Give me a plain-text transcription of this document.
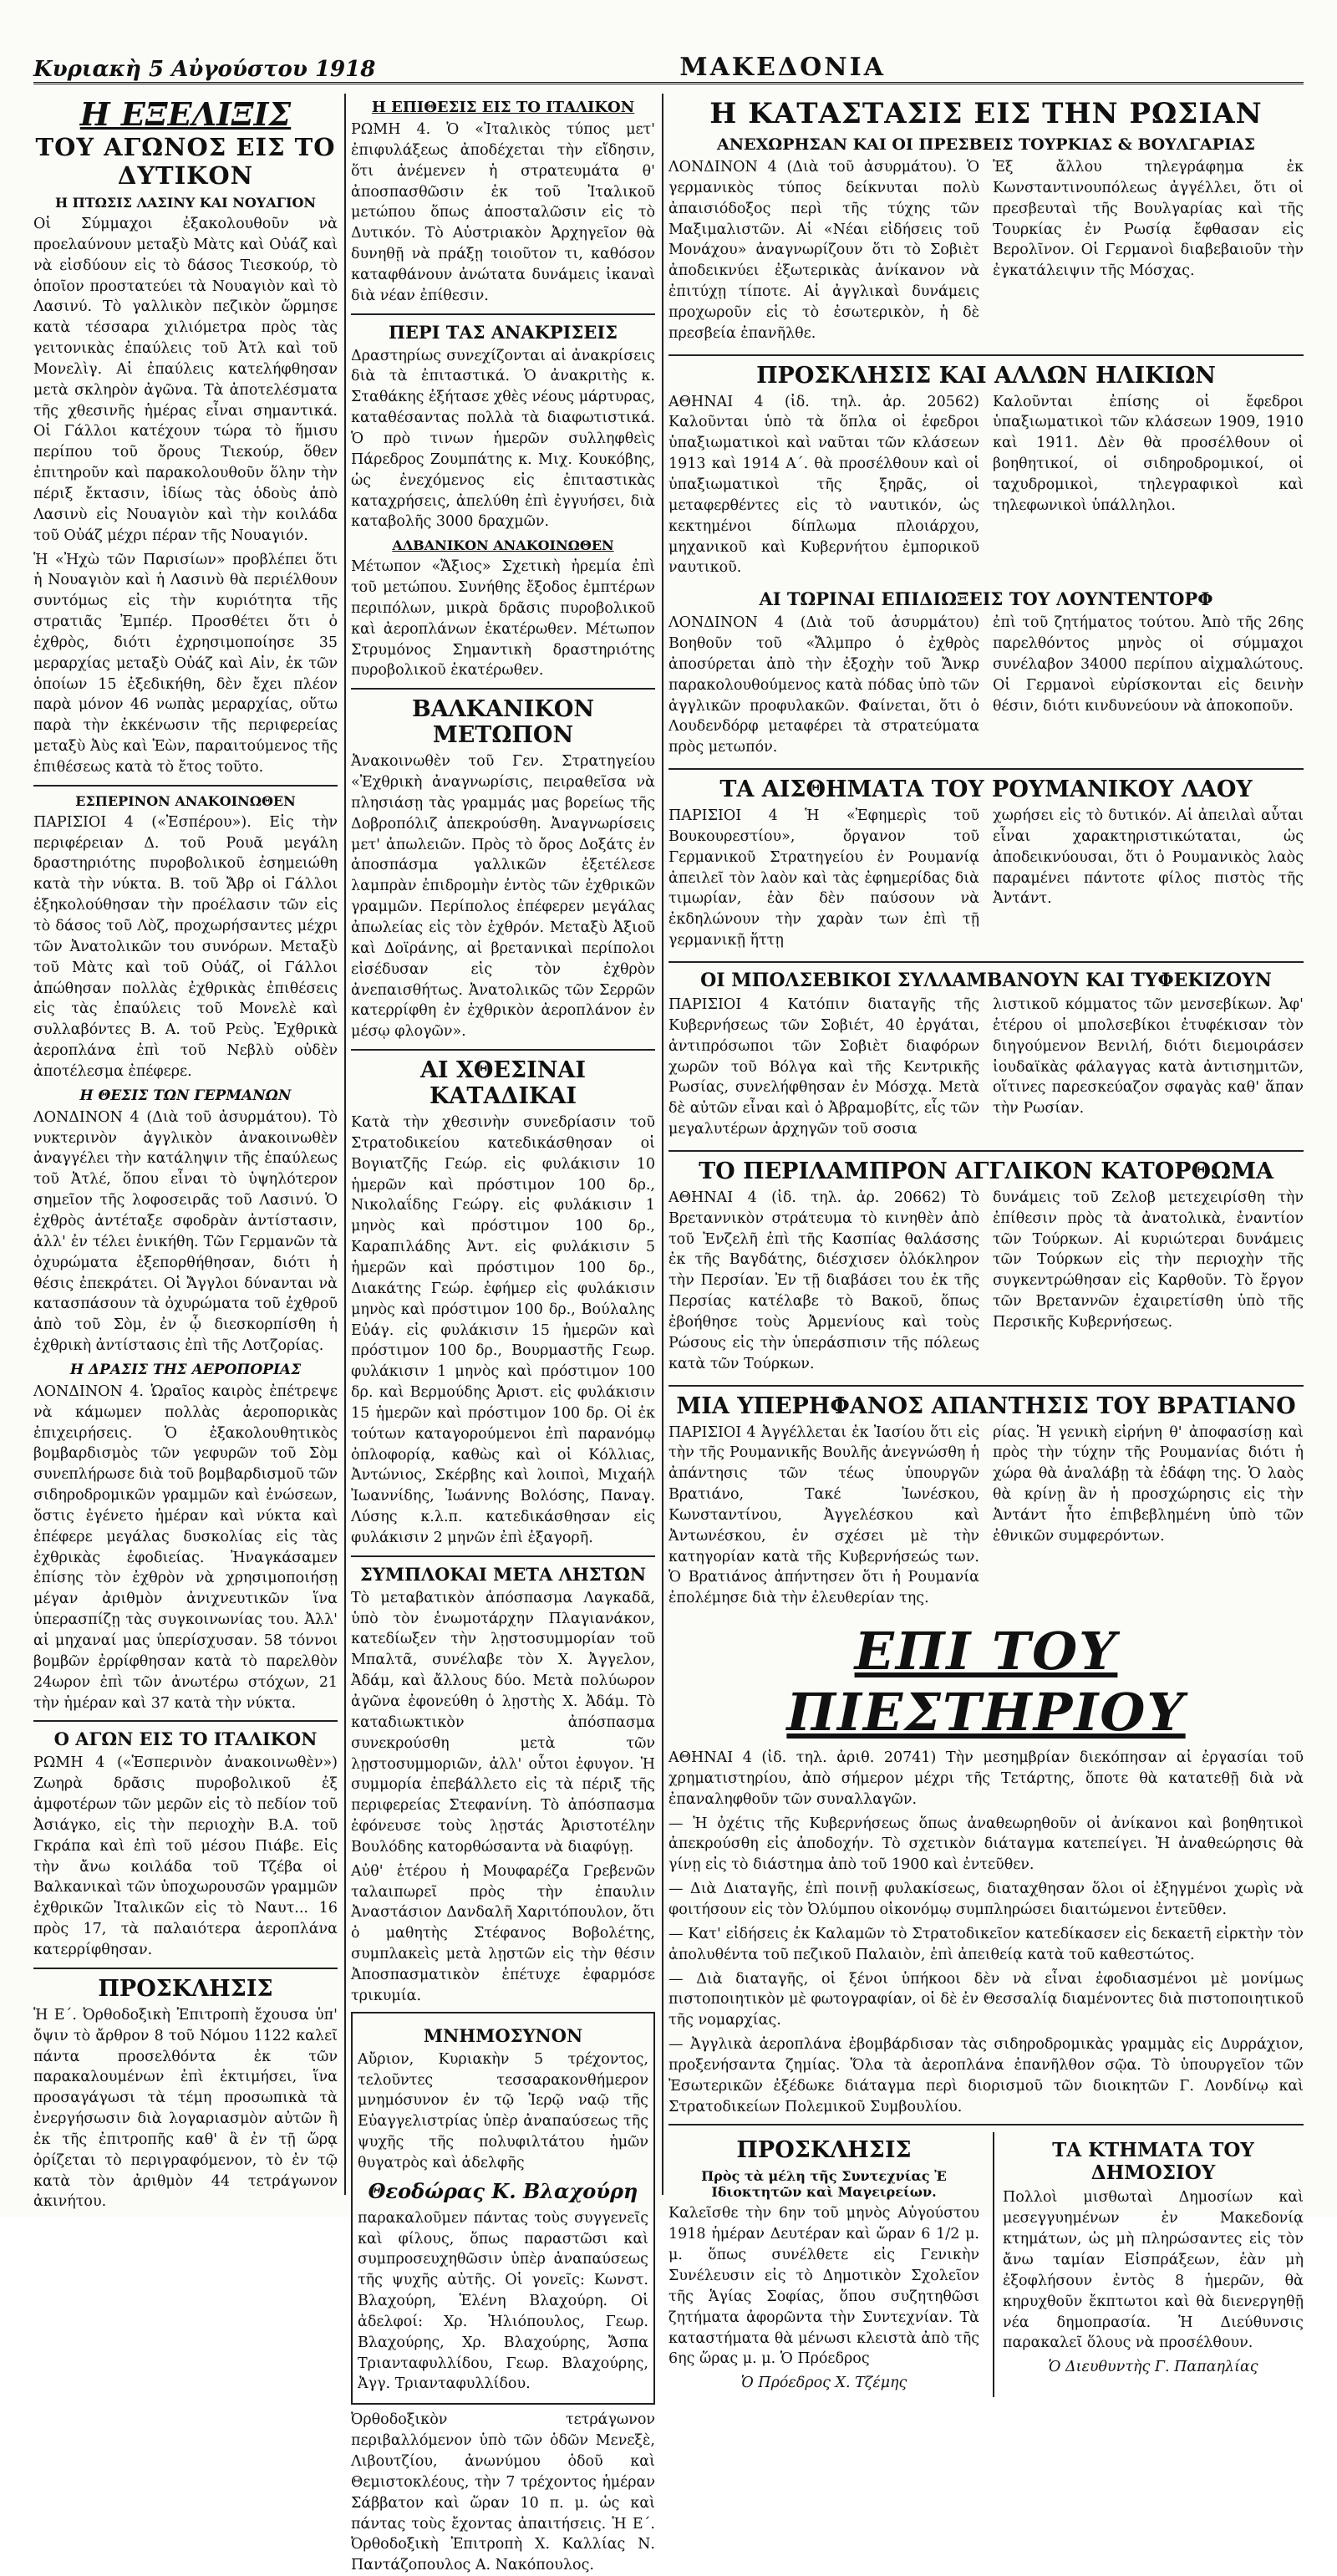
Κυριακὴ 5 Αὐγούστου 1918	ΜΑΚΕΔΟΝΙΑ
Η ΕΞΕΛΙΞΙΣ
ΤΟΥ ΑΓΩΝΟΣ ΕΙΣ ΤΟ ΔΥΤΙΚΟΝ
Η ΠΤΩΣΙΣ ΛΑΣΙΝΥ ΚΑΙ ΝΟΥΑΓΙΟΝ

Οἱ Σύμμαχοι ἐξακολουθοῦν νὰ προελαύνουν μεταξὺ Μὰτς καὶ Οὐάζ καὶ νὰ εἰσδύουν εἰς τὸ δάσος Τιεσκούρ, τὸ ὁποῖον προστατεύει τὰ Νουαγιὸν καὶ τὸ Λασινύ. Τὸ γαλλικὸν πεζικὸν ὥρμησε κατὰ τέσσαρα χιλιόμετρα πρὸς τὰς γειτονικὰς ἐπαύλεις τοῦ Ἀτλ καὶ τοῦ Μονελὶγ. Αἱ ἐπαύλεις κατελήφθησαν μετὰ σκληρὸν ἀγῶνα. Τὰ ἀποτελέσματα τῆς χθεσινῆς ἡμέρας εἶναι σημαντικά. Οἱ Γάλλοι κατέχουν τώρα τὸ ἥμισυ περίπου τοῦ ὄρους Τιεκούρ, ὅθεν ἐπιτηροῦν καὶ παρακολουθοῦν ὅλην τὴν πέριξ ἔκτασιν, ἰδίως τὰς ὁδοὺς ἀπὸ Λασινὺ εἰς Νουαγιὸν καὶ τὴν κοιλάδα τοῦ Οὐάζ μέχρι πέραν τῆς Νουαγιόν.

Ἡ «Ἠχὼ τῶν Παρισίων» προβλέπει ὅτι ἡ Νουαγιὸν καὶ ἡ Λασινὺ θὰ περιέλθουν συντόμως εἰς τὴν κυριότητα τῆς στρατιᾶς Ἐμπέρ. Προσθέτει ὅτι ὁ ἐχθρὸς, διότι ἐχρησιμοποίησε 35 μεραρχίας μεταξὺ Οὐάζ καὶ Αἰν, ἐκ τῶν ὁποίων 15 ἐξεδικήθη, δὲν ἔχει πλέον παρὰ μόνον 46 νωπὰς μεραρχίας, οὕτω παρὰ τὴν ἐκκένωσιν τῆς περιφερείας μεταξὺ Ἀὺς καὶ Ἐὼν, παραιτούμενος τῆς ἐπιθέσεως κατὰ τὸ ἔτος τοῦτο.

ΕΣΠΕΡΙΝΟΝ ΑΝΑΚΟΙΝΩΘΕΝ

ΠΑΡΙΣΙΟΙ 4 («Ἐσπέρου»). Εἰς τὴν περιφέρειαν Δ. τοῦ Ρουᾶ μεγάλη δραστηριότης πυροβολικοῦ ἐσημειώθη κατὰ τὴν νύκτα. Β. τοῦ Ἄβρ οἱ Γάλλοι ἐξηκολούθησαν τὴν προέλασιν τῶν εἰς τὸ δάσος τοῦ Λὸζ, προχωρήσαντες μέχρι τῶν Ἀνατολικῶν του συνόρων. Μεταξὺ τοῦ Μὰτς καὶ τοῦ Οὐάζ, οἱ Γάλλοι ἀπώθησαν πολλὰς ἐχθρικὰς ἐπιθέσεις εἰς τὰς ἐπαύλεις τοῦ Μονελὲ καὶ συλλαβόντες Β. Α. τοῦ Ρεὺς. Ἐχθρικὰ ἀεροπλάνα ἐπὶ τοῦ Νεβλὺ οὐδὲν ἀποτέλεσμα ἐπέφερε.

Η ΘΕΣΙΣ ΤΩΝ ΓΕΡΜΑΝΩΝ

ΛΟΝΔΙΝΟΝ 4 (Διὰ τοῦ ἀσυρμάτου). Τὸ νυκτερινὸν ἀγγλικὸν ἀνακοινωθὲν ἀναγγέλει τὴν κατάληψιν τῆς ἐπαύλεως τοῦ Ἀτλέ, ὅπου εἶναι τὸ ὑψηλότερον σημεῖον τῆς λοφοσειρᾶς τοῦ Λασινύ. Ὁ ἐχθρὸς ἀντέταξε σφοδρὰν ἀντίστασιν, ἀλλ' ἐν τέλει ἐνικήθη. Τῶν Γερμανῶν τὰ ὀχυρώματα ἐξεπορθήθησαν, διότι ἡ θέσις ἐπεκράτει. Οἱ Ἄγγλοι δύνανται νὰ κατασπάσουν τὰ ὀχυρώματα τοῦ ἐχθροῦ ἀπὸ τοῦ Σὸμ, ἐν ᾧ διεσκορπίσθη ἡ ἐχθρικὴ ἀντίστασις ἐπὶ τῆς Λοτζορίας.

Η ΔΡΑΣΙΣ ΤΗΣ ΑΕΡΟΠΟΡΙΑΣ

ΛΟΝΔΙΝΟΝ 4. Ὡραῖος καιρὸς ἐπέτρεψε νὰ κάμωμεν πολλὰς ἀεροπορικὰς ἐπιχειρήσεις. Ὁ ἐξακολουθητικὸς βομβαρδισμὸς τῶν γεφυρῶν τοῦ Σὸμ συνεπλήρωσε διὰ τοῦ βομβαρδισμοῦ τῶν σιδηροδρομικῶν γραμμῶν καὶ ἐνώσεων, ὅστις ἐγένετο ἡμέραν καὶ νύκτα καὶ ἐπέφερε μεγάλας δυσκολίας εἰς τὰς ἐχθρικὰς ἐφοδιείας. Ἠναγκάσαμεν ἐπίσης τὸν ἐχθρὸν νὰ χρησιμοποιήσῃ μέγαν ἀριθμὸν ἀνιχνευτικῶν ἵνα ὑπερασπίζῃ τὰς συγκοινωνίας του. Ἀλλ' αἱ μηχαναί μας ὑπερίσχυσαν. 58 τόννοι βομβῶν ἐρρίφθησαν κατὰ τὸ παρελθὸν 24ωρον ἐπὶ τῶν ἀνωτέρω στόχων, 21 τὴν ἡμέραν καὶ 37 κατὰ τὴν νύκτα.

Ο ΑΓΩΝ ΕΙΣ ΤΟ ΙΤΑΛΙΚΟΝ

ΡΩΜΗ 4 («Ἑσπερινὸν ἀνακοινωθὲν») Ζωηρὰ δρᾶσις πυροβολικοῦ ἐξ ἀμφοτέρων τῶν μερῶν εἰς τὸ πεδίον τοῦ Ἀσιάγκο, εἰς τὴν περιοχὴν Β.Α. τοῦ Γκράπα καὶ ἐπὶ τοῦ μέσου Πιάβε. Εἰς τὴν ἄνω κοιλάδα τοῦ Τζέβα οἱ Βαλκανικαὶ τῶν ὑποχωρουσῶν γραμμῶν ἐχθρικῶν Ἰταλικῶν εἰς τὸ Ναυτ... 16 πρὸς 17, τὰ παλαιότερα ἀεροπλάνα κατερρίφθησαν.

ΠΡΟΣΚΛΗΣΙΣ

Ἡ Ε΄. Ὀρθοδοξικὴ Ἐπιτροπὴ ἔχουσα ὑπ' ὄψιν τὸ ἄρθρον 8 τοῦ Νόμου 1122 καλεῖ πάντα προσελθόντα ἐκ τῶν παρακαλουμένων ἐπὶ ἐκτιμήσει, ἵνα προσαγάγωσι τὰ τέμη προσωπικὰ τὰ ἐνεργήσωσιν διὰ λογαριασμὸν αὐτῶν ἢ ἐκ τῆς ἐπιτροπῆς καθ' ἃ ἐν τῇ ὥρᾳ ὀρίζεται τὸ περιγραφόμενον, τὸ ἐν τῷ κατὰ τὸν ἀριθμὸν 44 τετράγωνον ἀκινήτου.

Η ΕΠΙΘΕΣΙΣ ΕΙΣ ΤΟ ΙΤΑΛΙΚΟΝ

ΡΩΜΗ 4. Ὁ «Ἰταλικὸς τύπος μετ' ἐπιφυλάξεως ἀποδέχεται τὴν εἴδησιν, ὅτι ἀνέμενεν ἡ στρατευμάτα θ' ἀποσπασθῶσιν ἐκ τοῦ Ἰταλικοῦ μετώπου ὅπως ἀποσταλῶσιν εἰς τὸ Δυτικόν. Τὸ Αὐστριακὸν Ἀρχηγεῖον θὰ δυνηθῇ νὰ πράξῃ τοιοῦτον τι, καθόσον καταφθάνουν ἀνώτατα δυνάμεις ἰκαναὶ διὰ νέαν ἐπίθεσιν.

ΠΕΡΙ ΤΑΣ ΑΝΑΚΡΙΣΕΙΣ

Δραστηρίως συνεχίζονται αἱ ἀνακρίσεις διὰ τὰ ἐπιταστικά. Ὁ ἀνακριτὴς κ. Σταθάκης ἐξήτασε χθὲς νέους μάρτυρας, καταθέσαντας πολλὰ τὰ διαφωτιστικά. Ὁ πρὸ τινων ἡμερῶν συλληφθεὶς Πάρεδρος Ζουμπάτης κ. Μιχ. Κουκόβης, ὡς ἐνεχόμενος εἰς ἐπιταστικὰς καταχρήσεις, ἀπελύθη ἐπὶ ἐγγυήσει, διὰ καταβολῆς 3000 δραχμῶν.

ΑΛΒΑΝΙΚΟΝ ΑΝΑΚΟΙΝΩΘΕΝ

Μέτωπον «Ἄξιος» Σχετικὴ ἠρεμία ἐπὶ τοῦ μετώπου. Συνήθης ἔξοδος ἐμπτέρων περιπόλων, μικρὰ δρᾶσις πυροβολικοῦ καὶ ἀεροπλάνων ἑκατέρωθεν. Μέτωπον Στρυμόνος Σημαντικὴ δραστηριότης πυροβολικοῦ ἑκατέρωθεν.

ΒΑΛΚΑΝΙΚΟΝ ΜΕΤΩΠΟΝ

Ἀνακοινωθὲν τοῦ Γεν. Στρατηγείου «Ἐχθρικὴ ἀναγνωρίσις, πειραθεῖσα νὰ πλησιάσῃ τὰς γραμμάς μας βορείως τῆς Δοβροπόλιζ ἀπεκρούσθη. Ἀναγνωρίσεις μετ' ἀπωλειῶν. Πρὸς τὸ ὄρος Δοξάτς ἐν ἀποσπάσμα γαλλικῶν ἐξετέλεσε λαμπρὰν ἐπιδρομὴν ἐντὸς τῶν ἐχθρικῶν γραμμῶν. Περίπολος ἐπέφερεν μεγάλας ἀπωλείας εἰς τὸν ἐχθρόν. Μεταξὺ Ἀξιοῦ καὶ Δοϊράνης, αἱ βρετανικαὶ περίπολοι εἰσέδυσαν εἰς τὸν ἐχθρὸν ἀνεπαισθήτως. Ἀνατολικῶς τῶν Σερρῶν κατερρίφθη ἐν ἐχθρικὸν ἀεροπλάνον ἐν μέσῳ φλογῶν».

ΑΙ ΧΘΕΣΙΝΑΙ ΚΑΤΑΔΙΚΑΙ

Κατὰ τὴν χθεσινὴν συνεδρίασιν τοῦ Στρατοδικείου κατεδικάσθησαν οἱ Βογιατζῆς Γεώρ. εἰς φυλάκισιν 10 ἡμερῶν καὶ πρόστιμον 100 δρ., Νικολαΐδης Γεώργ. εἰς φυλάκισιν 1 μηνὸς καὶ πρόστιμον 100 δρ., Καραπιλάδης Ἀντ. εἰς φυλάκισιν 5 ἡμερῶν καὶ πρόστιμον 100 δρ., Διακάτης Γεώρ. ἐφήμερ εἰς φυλάκισιν μηνὸς καὶ πρόστιμον 100 δρ., Βούλαλης Εὐάγ. εἰς φυλάκισιν 15 ἡμερῶν καὶ πρόστιμον 100 δρ., Βουρμαστῆς Γεωρ. φυλάκισιν 1 μηνὸς καὶ πρόστιμον 100 δρ. καὶ Βερμούδης Ἀριστ. εἰς φυλάκισιν 15 ἡμερῶν καὶ πρόστιμον 100 δρ. Οἱ ἐκ τούτων καταγορούμενοι ἐπὶ παρανόμῳ ὀπλοφορίᾳ, καθὼς καὶ οἱ Κόλλιας, Ἀντώνιος, Σκέρβης καὶ λοιποὶ, Μιχαήλ Ἰωαννίδης, Ἰωάννης Βολόσης, Παναγ. Λύσης κ.λ.π. κατεδικάσθησαν εἰς φυλάκισιν 2 μηνῶν ἐπὶ ἐξαγορῆ.

ΣΥΜΠΛΟΚΑΙ ΜΕΤΑ ΛΗΣΤΩΝ

Τὸ μεταβατικὸν ἀπόσπασμα Λαγκαδᾶ, ὑπὸ τὸν ἐνωμοτάρχην Πλαγιανάκον, κατεδίωξεν τὴν λῃστοσυμμορίαν τοῦ Μπαλτᾶ, συνέλαβε τὸν Χ. Ἀγγελον, Ἀδάμ, καὶ ἄλλους δύο. Μετὰ πολύωρον ἀγῶνα ἐφονεύθη ὁ λῃστὴς Χ. Ἀδάμ. Τὸ καταδιωκτικὸν ἀπόσπασμα συνεκρούσθη μετὰ τῶν λῃστοσυμμοριῶν, ἀλλ' οὗτοι ἐφυγον. Ἡ συμμορία ἐπεβάλλετο εἰς τὰ πέριξ τῆς περιφερείας Στεφανίνη. Τὸ ἀπόσπασμα ἐφόνευσε τοὺς λῃστάς Ἀριστοτέλην Βουλόδης κατορθώσαντα νὰ διαφύγῃ.

Αὐθ' ἑτέρου ἡ Μουφαρέζα Γρεβενῶν ταλαιπωρεῖ πρὸς τὴν ἐπαυλιν Ἀναστάσιον Δανδαλῆ Χαριτόπουλον, ὅτι ὁ μαθητὴς Στέφανος Βοβολέτης, συμπλακεὶς μετὰ λῃστῶν εἰς τὴν θέσιν Ἀποσπασματικὸν ἐπέτυχε ἐφαρμόσε τρικυμία.

ΜΝΗΜΟΣΥΝΟΝ

Αὔριον, Κυριακὴν 5 τρέχοντος, τελοῦντες τεσσαρακονθήμερον μνημόσυνον ἐν τῷ Ἱερῷ ναῷ τῆς Εὐαγγελιστρίας ὑπὲρ ἀναπαύσεως τῆς ψυχῆς τῆς πολυφιλτάτου ἡμῶν θυγατρὸς καὶ ἀδελφῆς

Θεοδώρας Κ. Βλαχούρη

παρακαλοῦμεν πάντας τοὺς συγγενεῖς καὶ φίλους, ὅπως παραστῶσι καὶ συμπροσευχηθῶσιν ὑπὲρ ἀναπαύσεως τῆς ψυχῆς αὐτῆς. Οἱ γονεῖς: Κωνστ. Βλαχούρη, Ἑλένη Βλαχούρη. Οἱ ἀδελφοί: Χρ. Ἠλιόπουλος, Γεωρ. Βλαχούρης, Χρ. Βλαχούρης, Ἄσπα Τριανταφυλλίδου, Γεωρ. Βλαχούρης, Ἀγγ. Τριανταφυλλίδου.

Ὀρθοδοξικὸν τετράγωνον περιβαλλόμενον ὑπὸ τῶν ὁδῶν Μενεξὲ, Λιβουτζίου, ἀνωνύμου ὁδοῦ καὶ Θεμιστοκλέους, τὴν 7 τρέχοντος ἡμέραν Σάββατον καὶ ὥραν 10 π. μ. ὡς καὶ πάντας τοὺς ἔχοντας ἀπαιτήσεις. Ἡ Ε΄. Ὀρθοδοξικὴ Ἐπιτροπὴ Χ. Καλλίας Ν. Παντάζοπουλος Α. Νακόπουλος.

Η ΚΑΤΑΣΤΑΣΙΣ ΕΙΣ ΤΗΝ ΡΩΣΙΑΝ
ΑΝΕΧΩΡΗΣΑΝ ΚΑΙ ΟΙ ΠΡΕΣΒΕΙΣ ΤΟΥΡΚΙΑΣ & ΒΟΥΛΓΑΡΙΑΣ

ΛΟΝΔΙΝΟΝ 4 (Διὰ τοῦ ἀσυρμάτου). Ὁ γερμανικὸς τύπος δείκνυται πολὺ ἀπαισιόδοξος περὶ τῆς τύχης τῶν Μαξιμαλιστῶν. Αἱ «Νέαι εἰδήσεις τοῦ Μονάχου» ἀναγνωρίζουν ὅτι τὸ Σοβιὲτ ἀποδεικνύει ἐξωτερικὰς ἀνίκανον νὰ ἐπιτύχῃ τίποτε. Αἱ ἀγγλικαὶ δυνάμεις προχωροῦν εἰς τὸ ἐσωτερικὸν, ἡ δὲ πρεσβεία ἐπανῆλθε.

Ἐξ ἄλλου τηλεγράφημα ἐκ Κωνσταντινουπόλεως ἀγγέλλει, ὅτι οἱ πρεσβευταὶ τῆς Βουλγαρίας καὶ τῆς Τουρκίας ἐν Ρωσίᾳ ἔφθασαν εἰς Βερολῖνον. Οἱ Γερμανοὶ διαβεβαιοῦν τὴν ἐγκατάλειψιν τῆς Μόσχας.

ΠΡΟΣΚΛΗΣΙΣ ΚΑΙ ΑΛΛΩΝ ΗΛΙΚΙΩΝ

ΑΘΗΝΑΙ 4 (ἰδ. τηλ. ἀρ. 20562) Καλοῦνται ὑπὸ τὰ ὅπλα οἱ ἐφεδροι ὑπαξιωματικοὶ καὶ ναῦται τῶν κλάσεων 1913 καὶ 1914 Α΄. θὰ προσέλθουν καὶ οἱ ὑπαξιωματικοὶ τῆς ξηρᾶς, οἱ μεταφερθέντες εἰς τὸ ναυτικόν, ὡς κεκτημένοι δίπλωμα πλοιάρχου, μηχανικοῦ καὶ Κυβερνήτου ἐμπορικοῦ ναυτικοῦ.

Καλοῦνται ἐπίσης οἱ ἔφεδροι ὑπαξιωματικοὶ τῶν κλάσεων 1909, 1910 καὶ 1911. Δὲν θὰ προσέλθουν οἱ βοηθητικοί, οἱ σιδηροδρομικοί, οἱ ταχυδρομικοὶ, τηλεγραφικοὶ καὶ τηλεφωνικοὶ ὑπάλληλοι.

ΑΙ ΤΩΡΙΝΑΙ ΕΠΙΔΙΩΞΕΙΣ ΤΟΥ ΛΟΥΝΤΕΝΤΟΡΦ

ΛΟΝΔΙΝΟΝ 4 (Διὰ τοῦ ἀσυρμάτου) Βοηθοῦν τοῦ «Ἄλμπρο ὁ ἐχθρὸς ἀποσύρεται ἀπὸ τὴν ἐξοχὴν τοῦ Ἄνκρ παρακολουθούμενος κατὰ πόδας ὑπὸ τῶν ἀγγλικῶν προφυλακῶν. Φαίνεται, ὅτι ὁ Λουδενδόρφ μεταφέρει τὰ στρατεύματα πρὸς μετωπόν.

ἐπὶ τοῦ ζητήματος τούτου. Ἀπὸ τῆς 26ης παρελθόντος μηνὸς οἱ σύμμαχοι συνέλαβον 34000 περίπου αἰχμαλώτους. Οἱ Γερμανοὶ εὑρίσκονται εἰς δεινὴν θέσιν, διότι κινδυνεύουν νὰ ἀποκοποῦν.

ΤΑ ΑΙΣΘΗΜΑΤΑ ΤΟΥ ΡΟΥΜΑΝΙΚΟΥ ΛΑΟΥ

ΠΑΡΙΣΙΟΙ 4 Ἡ «Ἐφημερὶς τοῦ Βουκουρεστίου», ὄργανον τοῦ Γερμανικοῦ Στρατηγείου ἐν Ρουμανίᾳ ἀπειλεῖ τὸν λαὸν καὶ τὰς ἐφημερίδας διὰ τιμωρίαν, ἐὰν δὲν παύσουν νὰ ἐκδηλώνουν τὴν χαρὰν των ἐπὶ τῇ γερμανικῇ ἥττῃ

χωρήσει εἰς τὸ δυτικόν. Αἱ ἀπειλαὶ αὗται εἶναι χαρακτηριστικώταται, ὡς ἀποδεικνύουσαι, ὅτι ὁ Ρουμανικὸς λαὸς παραμένει πάντοτε φίλος πιστὸς τῆς Ἀντάντ.

ΟΙ ΜΠΟΛΣΕΒΙΚΟΙ ΣΥΛΛΑΜΒΑΝΟΥΝ ΚΑΙ ΤΥΦΕΚΙΖΟΥΝ

ΠΑΡΙΣΙΟΙ 4 Κατόπιν διαταγῆς τῆς Κυβερνήσεως τῶν Σοβιέτ, 40 ἐργάται, ἀντιπρόσωποι τῶν Σοβιὲτ διαφόρων χωρῶν τοῦ Βόλγα καὶ τῆς Κεντρικῆς Ρωσίας, συνελήφθησαν ἐν Μόσχᾳ. Μετὰ δὲ αὐτῶν εἶναι καὶ ὁ Ἀβραμοβίτς, εἷς τῶν μεγαλυτέρων ἀρχηγῶν τοῦ σοσια

λιστικοῦ κόμματος τῶν μενσεβίκων. Ἀφ' ἑτέρου οἱ μπολσεβίκοι ἐτυφέκισαν τὸν διηγούμενον Βενιλή, διότι διεμοιράσεν ἰουδαϊκὰς φάλαγγας κατὰ ἀντισημιτῶν, οἵτινες παρεσκεύαζον σφαγὰς καθ' ἅπαν τὴν Ρωσίαν.

ΤΟ ΠΕΡΙΛΑΜΠΡΟΝ ΑΓΓΛΙΚΟΝ ΚΑΤΟΡΘΩΜΑ

ΑΘΗΝΑΙ 4 (ἰδ. τηλ. ἀρ. 20662) Τὸ Βρεταννικὸν στράτευμα τὸ κινηθὲν ἀπὸ τοῦ Ἐνζελῆ ἐπὶ τῆς Κασπίας θαλάσσης ἐκ τῆς Βαγδάτης, διέσχισεν ὁλόκληρον τὴν Περσίαν. Ἐν τῇ διαβάσει του ἐκ τῆς Περσίας κατέλαβε τὸ Βακοῦ, ὅπως ἐβοήθησε τοὺς Ἀρμενίους καὶ τοὺς Ρώσους εἰς τὴν ὑπεράσπισιν τῆς πόλεως κατὰ τῶν Τούρκων.

δυνάμεις τοῦ Ζελοβ μετεχειρίσθη τὴν ἐπίθεσιν πρὸς τὰ ἀνατολικὰ, ἐναντίον τῶν Τούρκων. Αἱ κυριώτεραι δυνάμεις τῶν Τούρκων εἰς τὴν περιοχὴν τῆς συγκεντρώθησαν εἰς Καρθοῦν. Τὸ ἔργον τῶν Βρεταννῶν ἐχαιρετίσθη ὑπὸ τῆς Περσικῆς Κυβερνήσεως.

ΜΙΑ ΥΠΕΡΗΦΑΝΟΣ ΑΠΑΝΤΗΣΙΣ ΤΟΥ ΒΡΑΤΙΑΝΟ

ΠΑΡΙΣΙΟΙ 4 Ἀγγέλλεται ἐκ Ἰασίου ὅτι εἰς τὴν τῆς Ρουμανικῆς Βουλῆς ἀνεγνώσθη ἡ ἀπάντησις τῶν τέως ὑπουργῶν Βρατιάνο, Τακέ Ἰωνέσκου, Κωνσταντίνου, Ἀγγελέσκου καὶ Ἀντωνέσκου, ἐν σχέσει μὲ τὴν κατηγορίαν κατὰ τῆς Κυβερνήσεώς των. Ὁ Βρατιάνος ἀπήντησεν ὅτι ἡ Ρουμανία ἐπολέμησε διὰ τὴν ἐλευθερίαν της.

ρίας. Ἡ γενικὴ εἰρήνη θ' ἀποφασίσῃ καὶ πρὸς τὴν τύχην τῆς Ρουμανίας διότι ἡ χώρα θὰ ἀναλάβῃ τὰ ἐδάφη της. Ὁ λαὸς θὰ κρίνῃ ἂν ἡ προσχώρησις εἰς τὴν Ἀντάντ ἦτο ἐπιβεβλημένη ὑπὸ τῶν ἐθνικῶν συμφερόντων.

ΕΠΙ ΤΟΥ ΠΙΕΣΤΗΡΙΟΥ

ΑΘΗΝΑΙ 4 (ἰδ. τηλ. ἀριθ. 20741) Τὴν μεσημβρίαν διεκόπησαν αἱ ἐργασίαι τοῦ χρηματιστηρίου, ἀπὸ σήμερον μέχρι τῆς Τετάρτης, ὅποτε θὰ κατατεθῇ διὰ νὰ ἐπαναληφθοῦν τῶν συναλλαγῶν.

— Ἡ ὀχέτις τῆς Κυβερνήσεως ὅπως ἀναθεωρηθοῦν οἱ ἀνίκανοι καὶ βοηθητικοὶ ἀπεκρούσθη εἰς ἀποδοχήν. Τὸ σχετικὸν διάταγμα κατεπείγει. Ἡ ἀναθεώρησις θὰ γίνῃ εἰς τὸ διάστημα ἀπὸ τοῦ 1900 καὶ ἐντεῦθεν.

— Διὰ Διαταγῆς, ἐπὶ ποινῇ φυλακίσεως, διαταχθησαν ὅλοι οἱ ἐξηγμένοι χωρὶς νὰ φοιτήσουν εἰς τὸν Ὀλύμπου οἰκονόμῳ συμπληρώσει διαιτώμενοι ἐντεῦθεν.

— Κατ' εἰδήσεις ἐκ Καλαμῶν τὸ Στρατοδικεῖον κατεδίκασεν εἰς δεκαετῆ εἰρκτὴν τὸν ἀπολυθέντα τοῦ πεζικοῦ Παλαιὸν, ἐπὶ ἀπειθείᾳ κατὰ τοῦ καθεστώτος.

— Διὰ διαταγῆς, οἱ ξένοι ὑπήκοοι δὲν νὰ εἶναι ἐφοδιασμένοι μὲ μονίμως πιστοποιητικὸν μὲ φωτογραφίαν, οἱ δὲ ἐν Θεσσαλίᾳ διαμένοντες διὰ πιστοποιητικοῦ τῆς νομαρχίας.

— Ἀγγλικὰ ἀεροπλάνα ἐβομβάρδισαν τὰς σιδηροδρομικὰς γραμμὰς εἰς Δυρράχιον, προξενήσαντα ζημίας. Ὅλα τὰ ἀεροπλάνα ἐπανῆλθον σῷα. Τὸ ὑπουργεῖον τῶν Ἐσωτερικῶν ἐξέδωκε διάταγμα περὶ διορισμοῦ τῶν διοικητῶν Γ. Λονδίνῳ καὶ Στρατοδικείων Πολεμικοῦ Συμβουλίου.

ΠΡΟΣΚΛΗΣΙΣ
Πρὸς τὰ μέλη τῆς Συντεχνίας Ἐ Ιδιοκτητῶν καὶ Μαγειρείων.

Καλεῖσθε τὴν 6ην τοῦ μηνὸς Αὐγούστου 1918 ἡμέραν Δευτέραν καὶ ὥραν 6 1/2 μ. μ. ὅπως συνέλθετε εἰς Γενικὴν Συνέλευσιν εἰς τὸ Δημοτικὸν Σχολεῖον τῆς Ἁγίας Σοφίας, ὅπου συζητηθῶσι ζητήματα ἀφορῶντα τὴν Συντεχνίαν. Τὰ καταστήματα θὰ μένωσι κλειστὰ ἀπὸ τῆς 6ης ὥρας μ. μ. Ὁ Πρόεδρος

Ὁ Πρόεδρος Χ. Τζέμης

ΤΑ ΚΤΗΜΑΤΑ ΤΟΥ ΔΗΜΟΣΙΟΥ

Πολλοὶ μισθωταὶ Δημοσίων καὶ μεσεγγυημένων ἐν Μακεδονίᾳ κτημάτων, ὡς μὴ πληρώσαντες εἰς τὸν ἄνω ταμίαν Εἰσπράξεων, ἐὰν μὴ ἐξοφλήσουν ἐντὸς 8 ἡμερῶν, θὰ κηρυχθοῦν ἔκπτωτοι καὶ θὰ διενεργηθῇ νέα δημοπρασία. Ἡ Διεύθυνσις παρακαλεῖ ὅλους νὰ προσέλθουν.

Ὁ Διευθυντὴς Γ. Παπαηλίας
